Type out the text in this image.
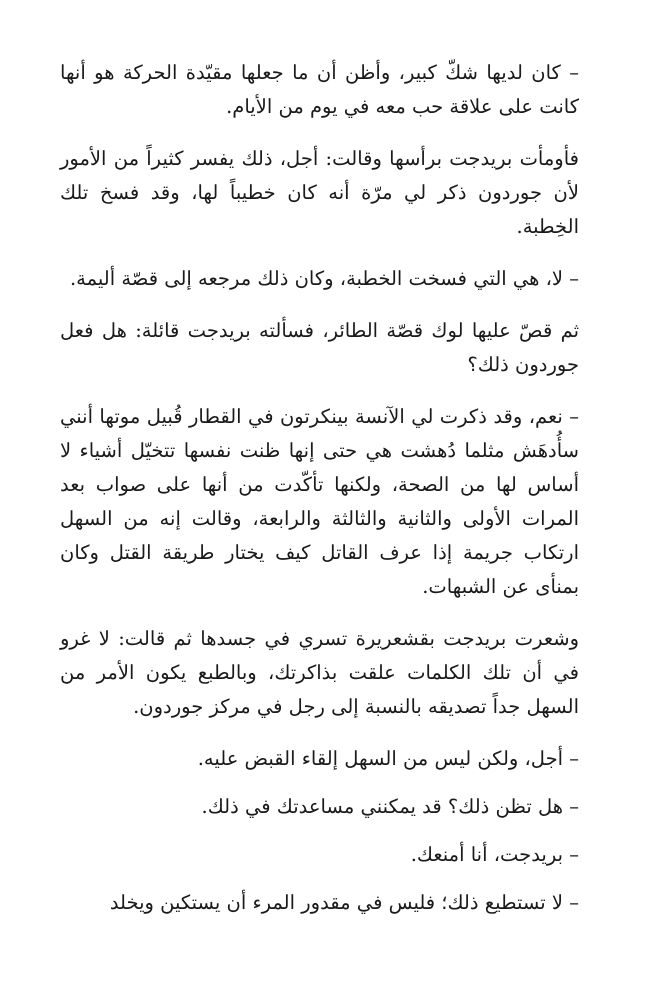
– كان لديها شكّ كبير، وأظن أن ما جعلها مقيّدة الحركة هو أنها كانت على علاقة حب معه في يوم من الأيام.

فأومأت بريدجت برأسها وقالت: أجل، ذلك يفسر كثيراً من الأمور لأن جوردون ذكر لي مرّة أنه كان خطيباً لها، وقد فسخ تلك الخِطبة.

– لا، هي التي فسخت الخطبة، وكان ذلك مرجعه إلى قصّة أليمة.

ثم قصّ عليها لوك قصّة الطائر، فسألته بريدجت قائلة: هل فعل جوردون ذلك؟

– نعم، وقد ذكرت لي الآنسة بينكرتون في القطار قُبيل موتها أنني سأُدهَش مثلما دُهشت هي حتى إنها ظنت نفسها تتخيّل أشياء لا أساس لها من الصحة، ولكنها تأكّدت من أنها على صواب بعد المرات الأولى والثانية والثالثة والرابعة، وقالت إنه من السهل ارتكاب جريمة إذا عرف القاتل كيف يختار طريقة القتل وكان بمنأى عن الشبهات.

وشعرت بريدجت بقشعريرة تسري في جسدها ثم قالت: لا غرو في أن تلك الكلمات علقت بذاكرتك، وبالطبع يكون الأمر من السهل جداً تصديقه بالنسبة إلى رجل في مركز جوردون.

– أجل، ولكن ليس من السهل إلقاء القبض عليه.

– هل تظن ذلك؟ قد يمكنني مساعدتك في ذلك.

– بريدجت، أنا أمنعك.

– لا تستطيع ذلك؛ فليس في مقدور المرء أن يستكين ويخلد
